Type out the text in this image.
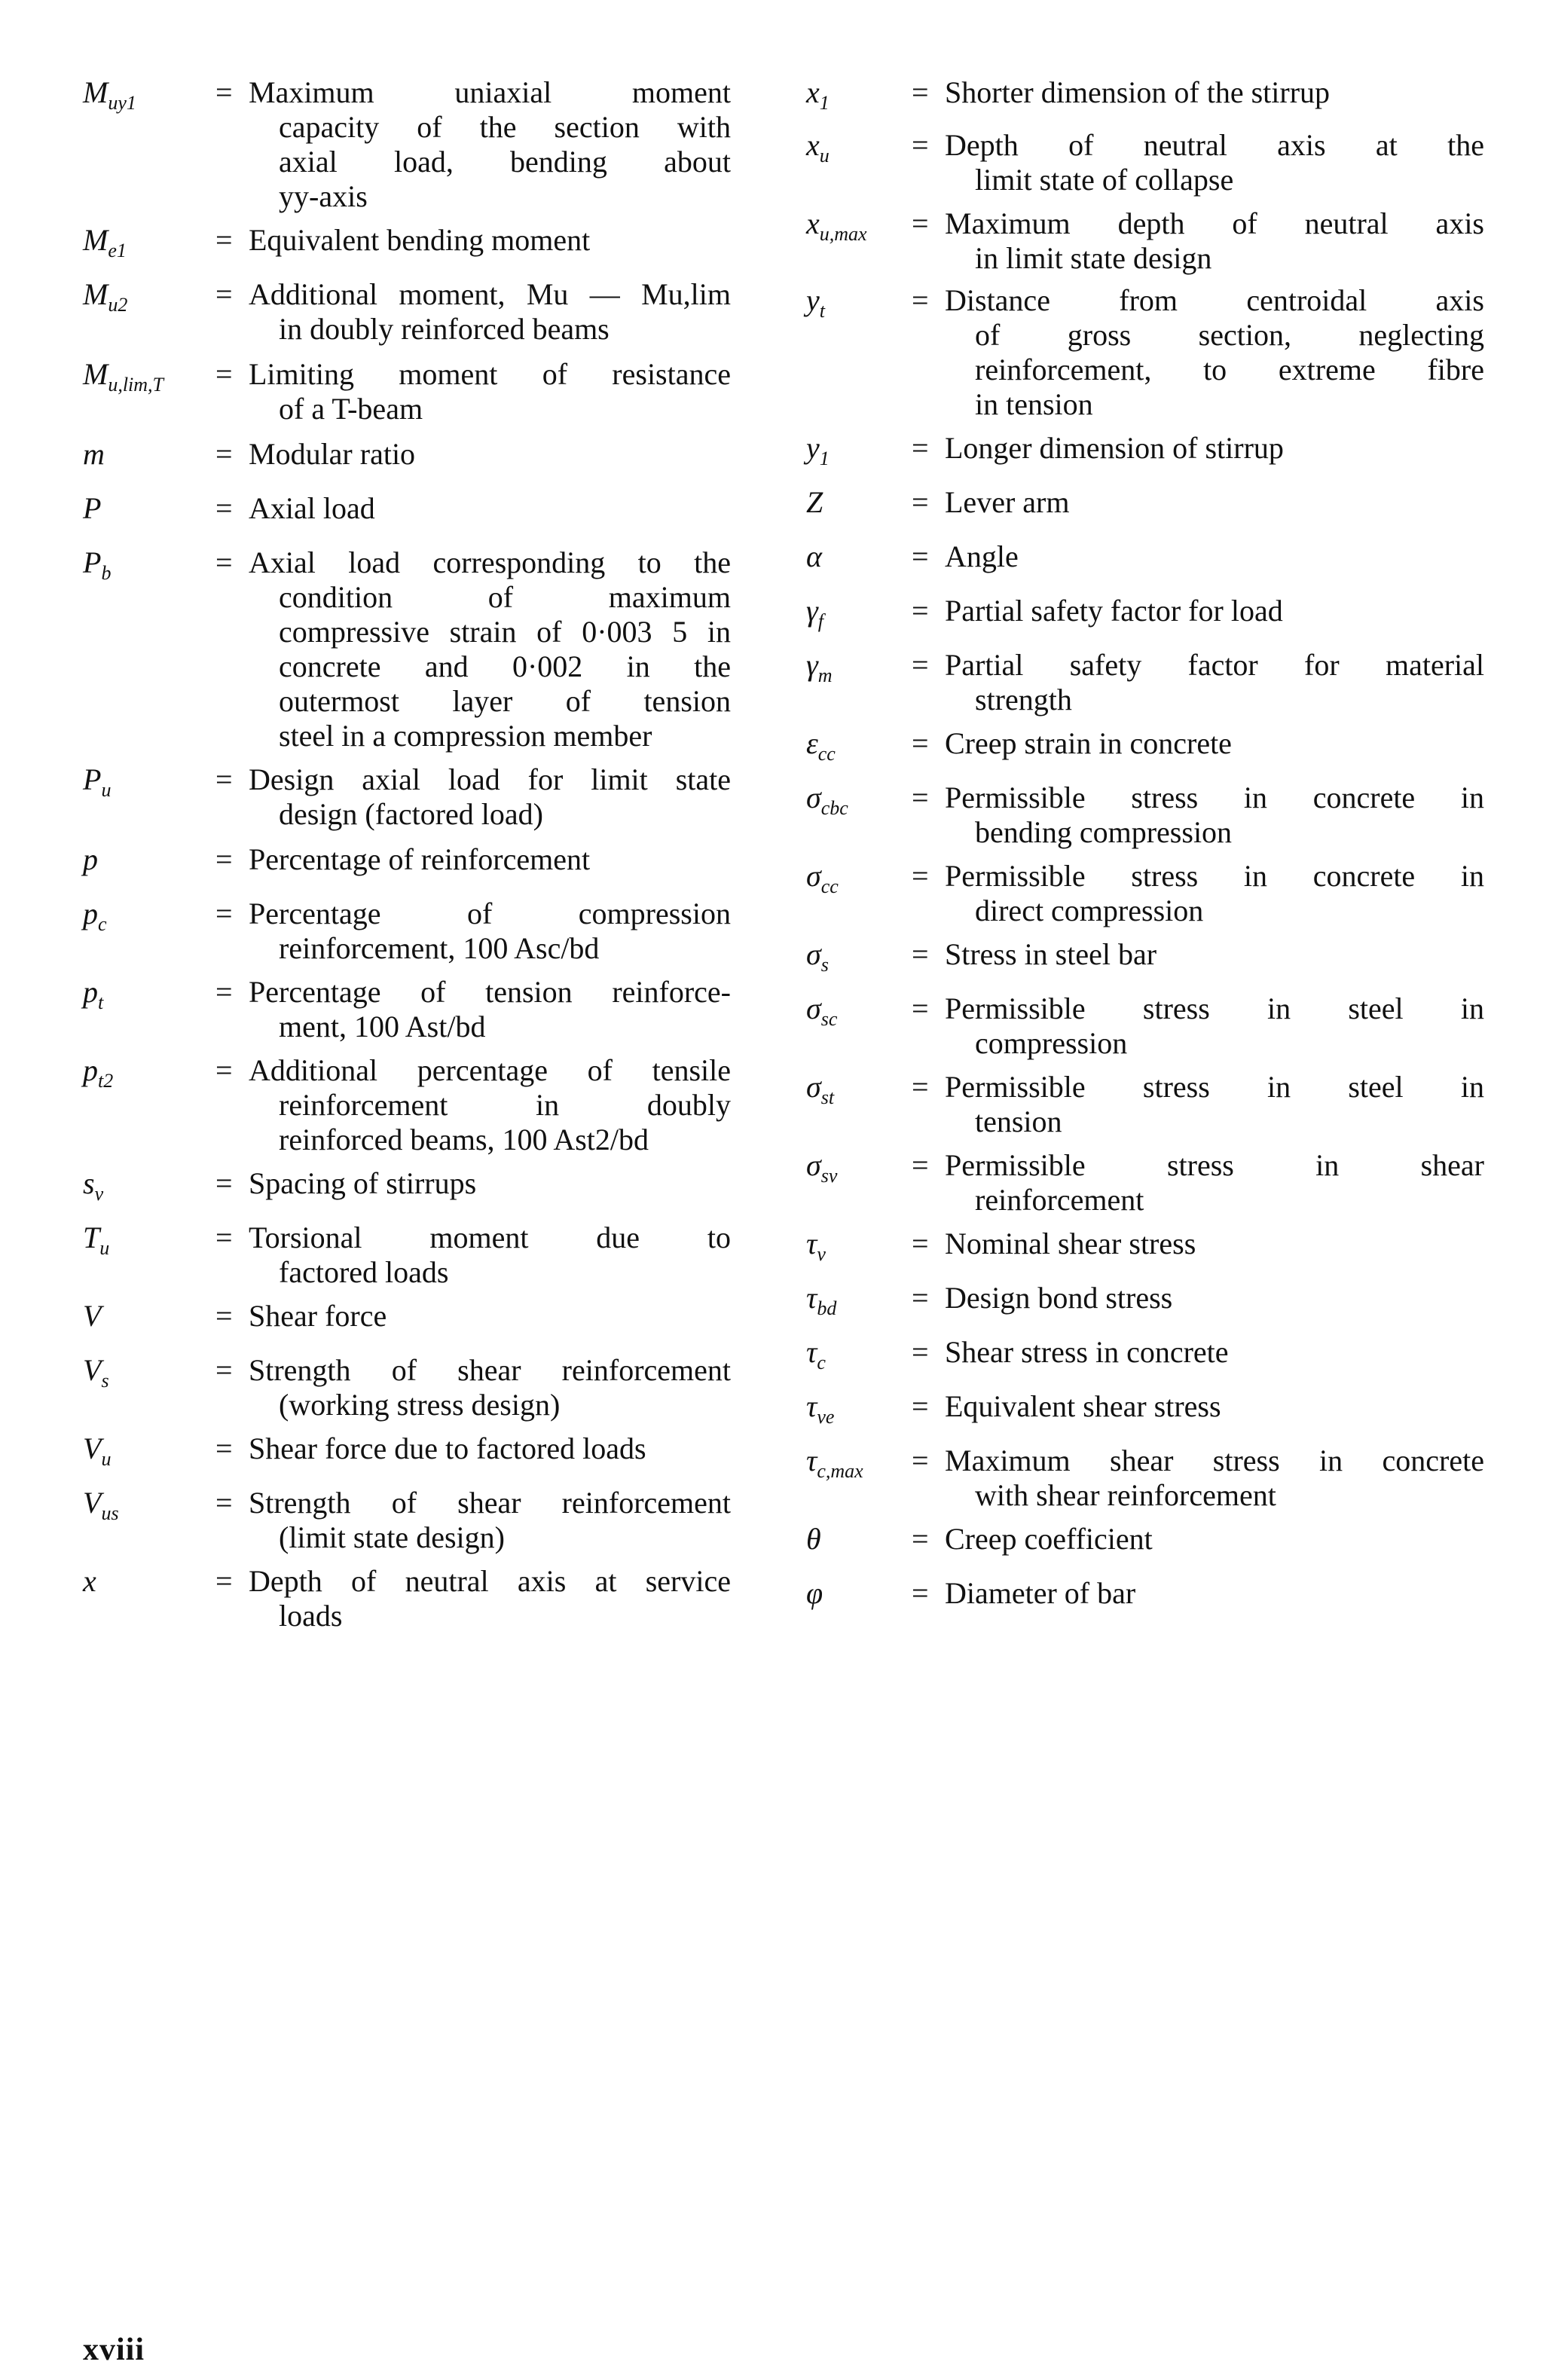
$M_{uy1}$	= Maximum uniaxial moment
capacity of the section with
axial load, bending about
yy-axis
$M_{e1}$	= Equivalent bending moment
$M_{u2}$	= Additional moment, Mu — Mu,lim
in doubly reinforced beams
$M_{u,lim,T}$	= Limiting moment of resistance
of a T-beam
m	= Modular ratio
P	= Axial load
$P_b$	= Axial load corresponding to the
condition of maximum
compressive strain of 0·003 5 in
concrete and 0·002 in the
outermost layer of tension
steel in a compression member
$P_u$	= Design axial load for limit state
design (factored load)
p	= Percentage of reinforcement
$p_c$	= Percentage of compression
reinforcement, 100 Asc/bd
$p_t$	= Percentage of tension reinforce-
ment, 100 Ast/bd
$p_{t2}$	= Additional percentage of tensile
reinforcement in doubly
reinforced beams, 100 Ast2/bd
$s_v$	= Spacing of stirrups
$T_u$	= Torsional moment due to
factored loads
V	= Shear force
$V_s$	= Strength of shear reinforcement
(working stress design)
$V_u$	= Shear force due to factored loads
$V_{us}$	= Strength of shear reinforcement
(limit state design)
x	= Depth of neutral axis at service
loads
$x_1$	= Shorter dimension of the stirrup
$x_u$	= Depth of neutral axis at the
limit state of collapse
$x_{u,max}$	= Maximum depth of neutral axis
in limit state design
$y_t$	= Distance from centroidal axis
of gross section, neglecting
reinforcement, to extreme fibre
in tension
$y_1$	= Longer dimension of stirrup
Z	= Lever arm
α	= Angle
$\gamma_f$	= Partial safety factor for load
$\gamma_m$	= Partial safety factor for material
strength
$\varepsilon_{cc}$	= Creep strain in concrete
$\sigma_{cbc}$	= Permissible stress in concrete in
bending compression
$\sigma_{cc}$	= Permissible stress in concrete in
direct compression
$\sigma_s$	= Stress in steel bar
$\sigma_{sc}$	= Permissible stress in steel in
compression
$\sigma_{st}$	= Permissible stress in steel in
tension
$\sigma_{sv}$	= Permissible stress in shear
reinforcement
$\tau_v$	= Nominal shear stress
$\tau_{bd}$	= Design bond stress
$\tau_c$	= Shear stress in concrete
$\tau_{ve}$	= Equivalent shear stress
$\tau_{c,max}$	= Maximum shear stress in concrete
with shear reinforcement
θ	= Creep coefficient
φ	= Diameter of bar
xviii
